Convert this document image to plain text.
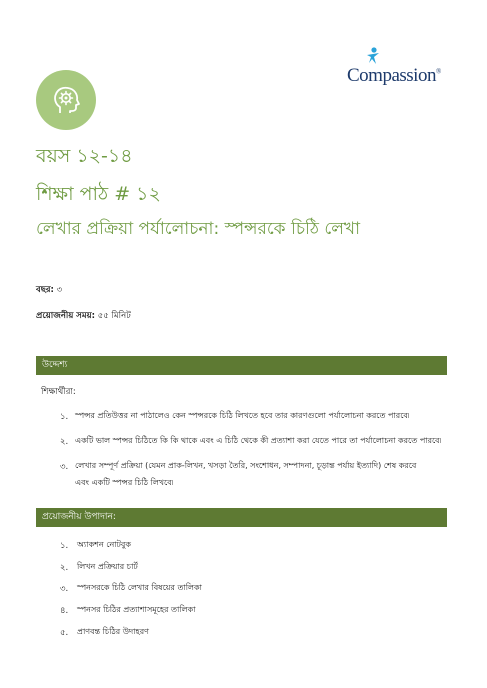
Compassion®
বয়স ১২-১৪
শিক্ষা পাঠ # ১২
লেখার প্রক্রিয়া পর্যালোচনা: স্পন্সরকে চিঠি লেখা
বছর: ৩
প্রয়োজনীয় সময়: ৫৫ মিনিট
উদ্দেশ্য
শিক্ষার্থীরা:
১. স্পন্সর প্রতিউত্তর না পাঠালেও কেন স্পন্সরকে চিঠি লিখতে হবে তার কারণগুলো পর্যালোচনা করতে পারবে৷
২. একটি ভাল স্পন্সর চিঠিতে কি কি থাকে এবং এ চিঠি থেকে কী প্রত্যাশা করা যেতে পারে তা পর্যালোচনা করতে পারবে৷
৩. লেখার সম্পূর্ণ প্রক্রিয়া (যেমন প্রাক-লিখন, খসড়া তৈরি, সংশোধন, সম্পাদনা, চূড়ান্ত পর্যায় ইত্যাদি) শেষ করবে
এবং একটি স্পন্সর চিঠি লিখবে৷
প্রয়োজনীয় উপাদান:
১. অ্যাকশন নোটবুক
২. লিখন প্রক্রিয়ার চার্ট
৩. স্পনসরকে চিঠি লেখার বিষয়ের তালিকা
৪. স্পনসর চিঠির প্রত্যাশাসমূহের তালিকা
৫. প্রাণবন্ত চিঠির উদাহরণ
